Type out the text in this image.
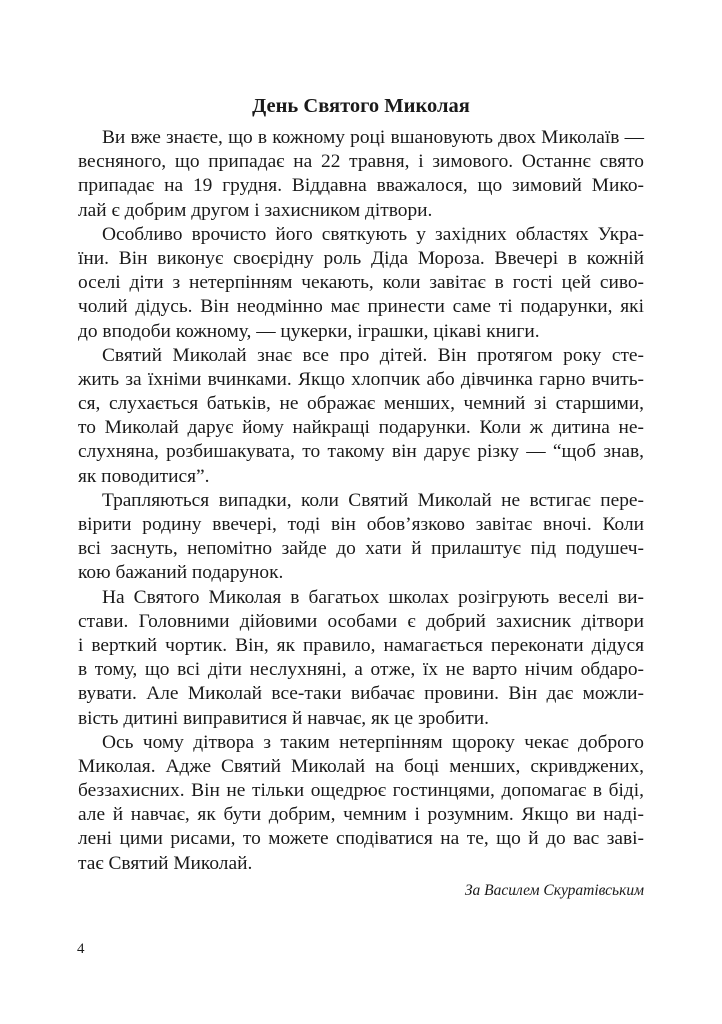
День Святого Миколая
Ви вже знаєте, що в кожному році вшановують двох Миколаїв —
весняного, що припадає на 22 травня, і зимового. Останнє свято
припадає на 19 грудня. Віддавна вважалося, що зимовий Мико-
лай є добрим другом і захисником дітвори.
Особливо врочисто його святкують у західних областях Укра-
їни. Він виконує своєрідну роль Діда Мороза. Ввечері в кожній
оселі діти з нетерпінням чекають, коли завітає в гості цей сиво-
чолий дідусь. Він неодмінно має принести саме ті подарунки, які
до вподоби кожному, — цукерки, іграшки, цікаві книги.
Святий Миколай знає все про дітей. Він протягом року сте-
жить за їхніми вчинками. Якщо хлопчик або дівчинка гарно вчить-
ся, слухається батьків, не ображає менших, чемний зі старшими,
то Миколай дарує йому найкращі подарунки. Коли ж дитина не-
слухняна, розбишакувата, то такому він дарує різку — “щоб знав,
як поводитися”.
Трапляються випадки, коли Святий Миколай не встигає пере-
вірити родину ввечері, тоді він обов’язково завітає вночі. Коли
всі заснуть, непомітно зайде до хати й прилаштує під подушеч-
кою бажаний подарунок.
На Святого Миколая в багатьох школах розігрують веселі ви-
стави. Головними дійовими особами є добрий захисник дітвори
і верткий чортик. Він, як правило, намагається переконати дідуся
в тому, що всі діти неслухняні, а отже, їх не варто нічим обдаро-
вувати. Але Миколай все-таки вибачає провини. Він дає можли-
вість дитині виправитися й навчає, як це зробити.
Ось чому дітвора з таким нетерпінням щороку чекає доброго
Миколая. Адже Святий Миколай на боці менших, скривджених,
беззахисних. Він не тільки ощедрює гостинцями, допомагає в біді,
але й навчає, як бути добрим, чемним і розумним. Якщо ви наді-
лені цими рисами, то можете сподіватися на те, що й до вас заві-
тає Святий Миколай.
За Василем Скуратівським
4
